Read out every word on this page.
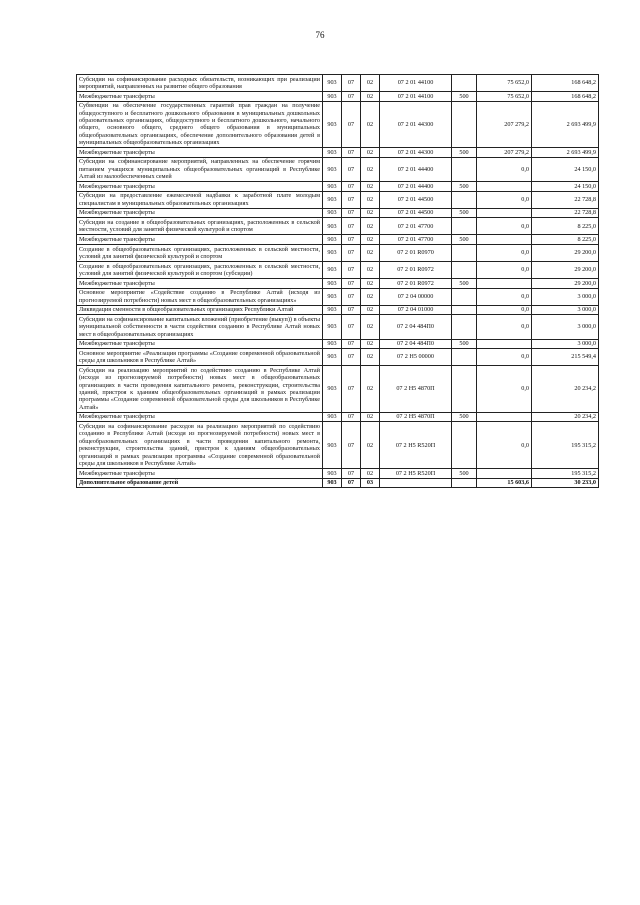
76
Субсидии на софинансирование расходных обязательств, возникающих при реализации мероприятий, направленных на развитие общего образования	903	07	02	07 2 01 44100		75 652,0	168 648,2
Межбюджетные трансферты	903	07	02	07 2 01 44100	500	75 652,0	168 648,2
Субвенции на обеспечение государственных гарантий прав граждан на получение общедоступного и бесплатного дошкольного образования в муниципальных дошкольных образовательных организациях, общедоступного и бесплатного дошкольного, начального общего, основного общего, среднего общего образования в муниципальных общеобразовательных организациях, обеспечение дополнительного образования детей в муниципальных общеобразовательных организациях	903	07	02	07 2 01 44300		207 279,2	2 693 499,9
Межбюджетные трансферты	903	07	02	07 2 01 44300	500	207 279,2	2 693 499,9
Субсидии на софинансирование мероприятий, направленных на обеспечение горячим питанием учащихся муниципальных общеобразовательных организаций в Республике Алтай из малообеспеченных семей	903	07	02	07 2 01 44400		0,0	24 150,0
Межбюджетные трансферты	903	07	02	07 2 01 44400	500		24 150,0
Субсидии на предоставление ежемесячной надбавки к заработной плате молодым специалистам в муниципальных образовательных организациях	903	07	02	07 2 01 44500		0,0	22 728,8
Межбюджетные трансферты	903	07	02	07 2 01 44500	500		22 728,8
Субсидии на создание в общеобразовательных организациях, расположенных в сельской местности, условий для занятий физической культурой и спортом	903	07	02	07 2 01 47700		0,0	8 225,0
Межбюджетные трансферты	903	07	02	07 2 01 47700	500		8 225,0
Создание в общеобразовательных организациях, расположенных в сельской местности, условий для занятий физической культурой и спортом	903	07	02	07 2 01 R0970		0,0	29 200,0
Создание в общеобразовательных организациях, расположенных в сельской местности, условий для занятий физической культурой и спортом (субсидии)	903	07	02	07 2 01 R0972		0,0	29 200,0
Межбюджетные трансферты	903	07	02	07 2 01 R0972	500		29 200,0
Основное мероприятие «Содействие созданию в Республике Алтай (исходя из прогнозируемой потребности) новых мест в общеобразовательных организациях»	903	07	02	07 2 04 00000		0,0	3 000,0
Ликвидация сменности в общеобразовательных организациях Республики Алтай	903	07	02	07 2 04 01000		0,0	3 000,0
Субсидии на софинансирование капитальных вложений (приобретение (выкуп)) в объекты муниципальной собственности в части содействия созданию в Республике Алтай новых мест в общеобразовательных организациях	903	07	02	07 2 04 484П0		0,0	3 000,0
Межбюджетные трансферты	903	07	02	07 2 04 484П0	500		3 000,0
Основное мероприятие «Реализация программы «Создание современной образовательной среды для школьников в Республике Алтай»	903	07	02	07 2 Н5 00000		0,0	215 549,4
Субсидии на реализацию мероприятий по содействию созданию в Республике Алтай (исходя из прогнозируемой потребности) новых мест в общеобразовательных организациях в части проведения капитального ремонта, реконструкции, строительства зданий, пристроя к зданиям общеобразовательных организаций в рамках реализации программы «Создание современной образовательной среды для школьников в Республике Алтай»	903	07	02	07 2 Н5 4870П		0,0	20 234,2
Межбюджетные трансферты	903	07	02	07 2 Н5 4870П	500		20 234,2
Субсидии на софинансирование расходов на реализацию мероприятий по содействию созданию в Республике Алтай (исходя из прогнозируемой потребности) новых мест в общеобразовательных организациях в части проведения капитального ремонта, реконструкции, строительства зданий, пристроя к зданиям общеобразовательных организаций в рамках реализации программы «Создание современной образовательной среды для школьников в Республике Алтай»	903	07	02	07 2 Н5 R520П		0,0	195 315,2
Межбюджетные трансферты	903	07	02	07 2 Н5 R520П	500		195 315,2
Дополнительное образование детей	903	07	03			15 603,6	30 233,0
